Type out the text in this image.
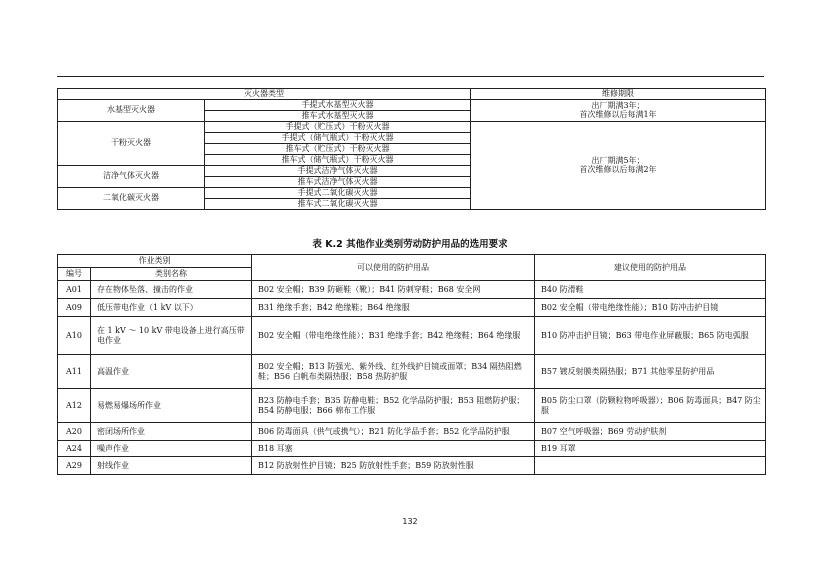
灭火器类型		维修期限
水基型灭火器	手提式水基型灭火器	出厂期满3年；
首次维修以后每满1年

	推车式水基型灭火器	
干粉灭火器	手提式（贮压式）干粉灭火器	出厂期满5年；
首次维修以后每满2年

	手提式（储气瓶式）干粉灭火器	
	推车式（贮压式）干粉灭火器	
	推车式（储气瓶式）干粉灭火器	
洁净气体灭火器	手提式洁净气体灭火器	
	推车式洁净气体灭火器	
二氧化碳灭火器	手提式二氧化碳灭火器	
	推车式二氧化碳灭火器	
表 K.2 其他作业类别劳动防护用品的选用要求
作业类别		可以使用的防护用品	建议使用的防护用品
编号	类别名称		
A01	存在物体坠落、撞击的作业	B02 安全帽；B39 防砸鞋（靴）；B41 防刺穿鞋；B68 安全网	B40 防滑鞋
A09	低压带电作业（1 kV 以下）	B31 绝缘手套；B42 绝缘鞋；B64 绝缘服	B02 安全帽（带电绝缘性能）；B10 防冲击护目镜
A10	在 1 kV ～ 10 kV 带电设备上进行高压带电作业	B02 安全帽（带电绝缘性能）；B31 绝缘手套；B42 绝缘鞋；B64 绝缘服	B10 防冲击护目镜；B63 带电作业屏蔽服；B65 防电弧服
A11	高温作业	B02 安全帽；B13 防强光、紫外线、红外线护目镜或面罩；B34 隔热阻燃鞋；B56 白帆布类隔热服；B58 热防护服	B57 镀反射膜类隔热服；B71 其他零星防护用品
A12	易燃易爆场所作业	B23 防静电手套；B35 防静电鞋；B52 化学品防护服；B53 阻燃防护服；B54 防静电服；B66 棉布工作服	B05 防尘口罩（防颗粒物呼吸器）；B06 防毒面具；B47 防尘服
A20	密闭场所作业	B06 防毒面具（供气或携气）；B21 防化学品手套；B52 化学品防护服	B07 空气呼吸器；B69 劳动护肤剂
A24	噪声作业	B18 耳塞	B19 耳罩
A29	射线作业	B12 防放射性护目镜；B25 防放射性手套；B59 防放射性服	
132
